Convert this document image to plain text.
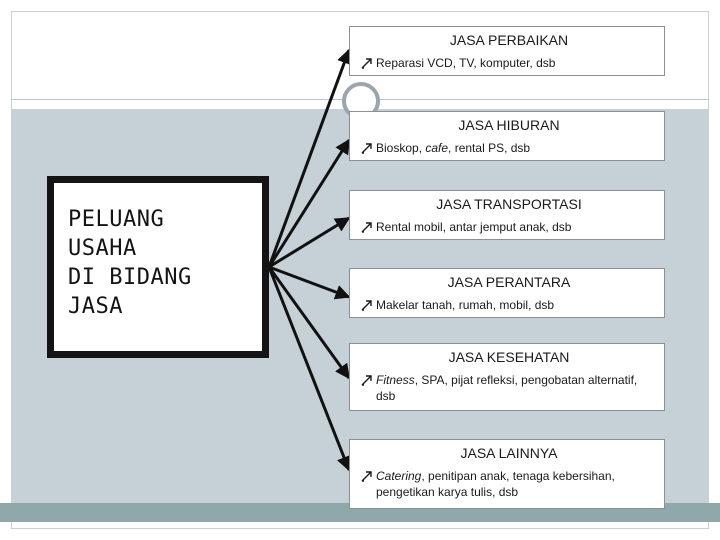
PELUANG
USAHA
DI BIDANG
JASA

JASA PERBAIKAN
Reparasi VCD, TV, komputer, dsb
JASA HIBURAN
Bioskop, cafe, rental PS, dsb
JASA TRANSPORTASI
Rental mobil, antar jemput anak, dsb
JASA PERANTARA
Makelar tanah, rumah, mobil, dsb
JASA KESEHATAN
Fitness, SPA, pijat refleksi, pengobatan alternatif, dsb
JASA LAINNYA
Catering, penitipan anak, tenaga kebersihan, pengetikan karya tulis, dsb
